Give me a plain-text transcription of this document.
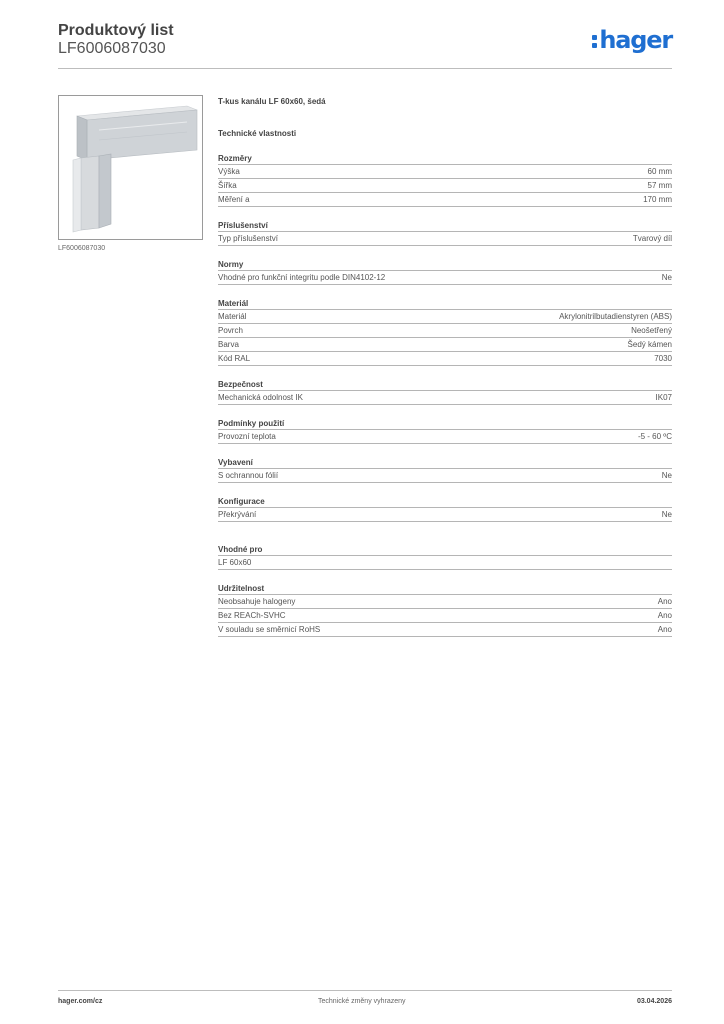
Produktový list
LF6006087030	hager
LF6006087030
T-kus kanálu LF 60x60, šedá
Technické vlastnosti
Rozměry
Výška	60 mm
Šířka	57 mm
Měření a	170 mm
Příslušenství
Typ příslušenství	Tvarový díl
Normy
Vhodné pro funkční integritu podle DIN4102-12	Ne
Materiál
Materiál	Akrylonitrilbutadienstyren (ABS)
Povrch	Neošetřený
Barva	Šedý kámen
Kód RAL	7030
Bezpečnost
Mechanická odolnost IK	IK07
Podmínky použití
Provozní teplota	-5 - 60 ºC
Vybavení
S ochrannou fólií	Ne
Konfigurace
Překrývání	Ne
Vhodné pro
LF 60x60
Udržitelnost
Neobsahuje halogeny	Ano
Bez REACh-SVHC	Ano
V souladu se směrnicí RoHS	Ano
hager.com/cz	Technické změny vyhrazeny	03.04.2026
